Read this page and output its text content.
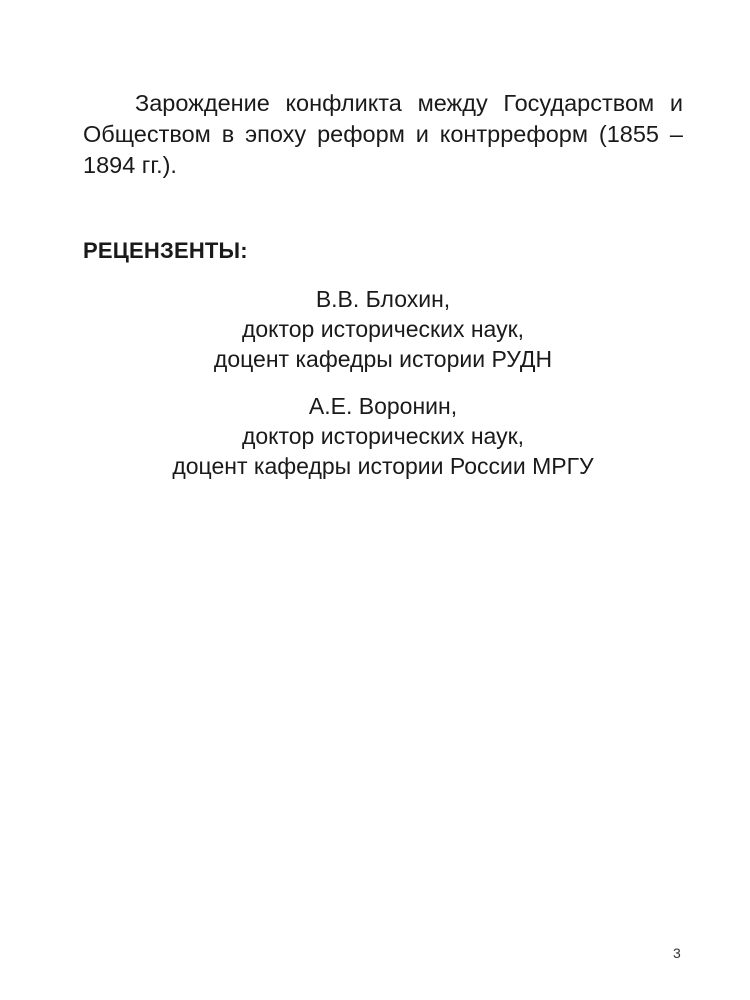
Зарождение конфликта между Государством и Обществом в эпоху реформ и контрреформ (1855 – 1894 гг.).

РЕЦЕНЗЕНТЫ:
В.В. Блохин,
доктор исторических наук,
доцент кафедры истории РУДН
А.Е. Воронин,
доктор исторических наук,
доцент кафедры истории России МРГУ
3
